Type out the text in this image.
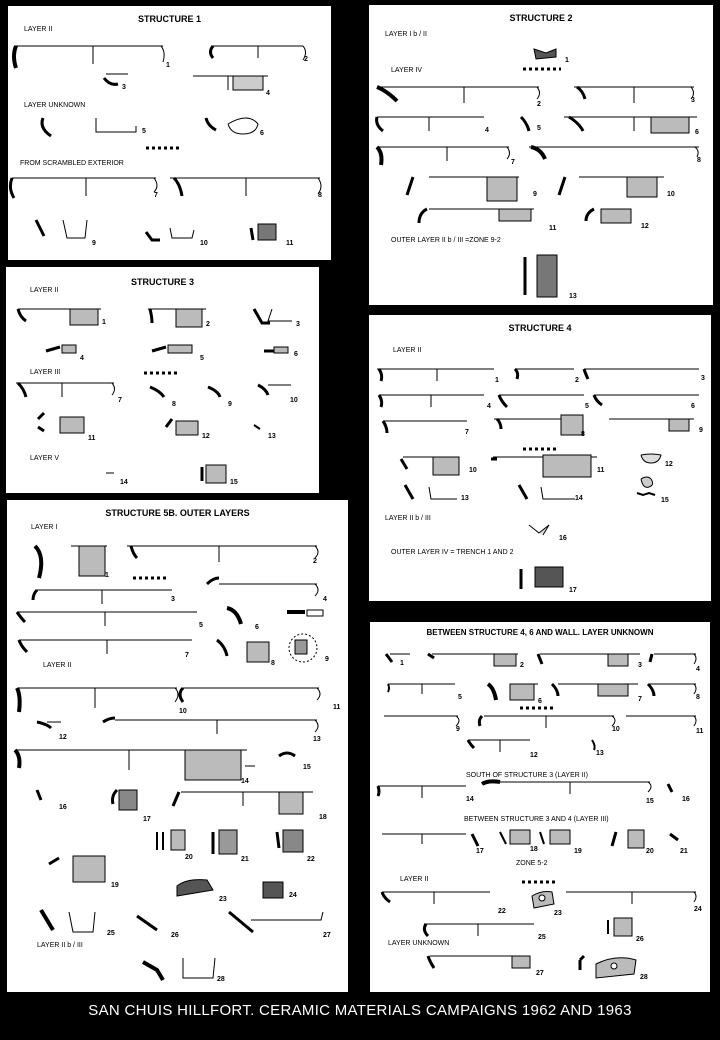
STRUCTURE 1
LAYER II
LAYER UNKNOWN
FROM SCRAMBLED EXTERIOR
1
2
3
4
5	6
7	8
9	10	11
STRUCTURE 2
LAYER I b / II
LAYER IV
OUTER LAYER II b / III =ZONE 9-2
1
2
3
4	5
6
7	8
9	10
11	12
13
STRUCTURE 3
LAYER II
LAYER III
LAYER V
1	2	3
4	5
6
7
8	9
10
11	12	13
14	15
STRUCTURE 4
LAYER II
LAYER II b / III
OUTER LAYER IV = TRENCH 1 AND 2
1	2	3
4	5	6
7	8
9
10	11
12
13	14	15
16
17
STRUCTURE 5B. OUTER LAYERS
LAYER I
LAYER II
LAYER II b / III
1
2
3	4
5	6
7
8
9
10
11
12	13
14
15
16
17	18
19
20	21	22
23
24
25	26	27
28
BETWEEN STRUCTURE 4, 6 AND WALL. LAYER UNKNOWN
SOUTH OF STRUCTURE 3 (LAYER II)
BETWEEN STRUCTURE 3 AND 4 (LAYER III)
ZONE 5-2
LAYER II
LAYER UNKNOWN
1	2	3
4
5
6	7	8
9	10	11
12	13
14	15	16
17	18	19	20	21
22	23
24
25	26
27
28
SAN CHUIS HILLFORT. CERAMIC MATERIALS CAMPAIGNS 1962 AND 1963
